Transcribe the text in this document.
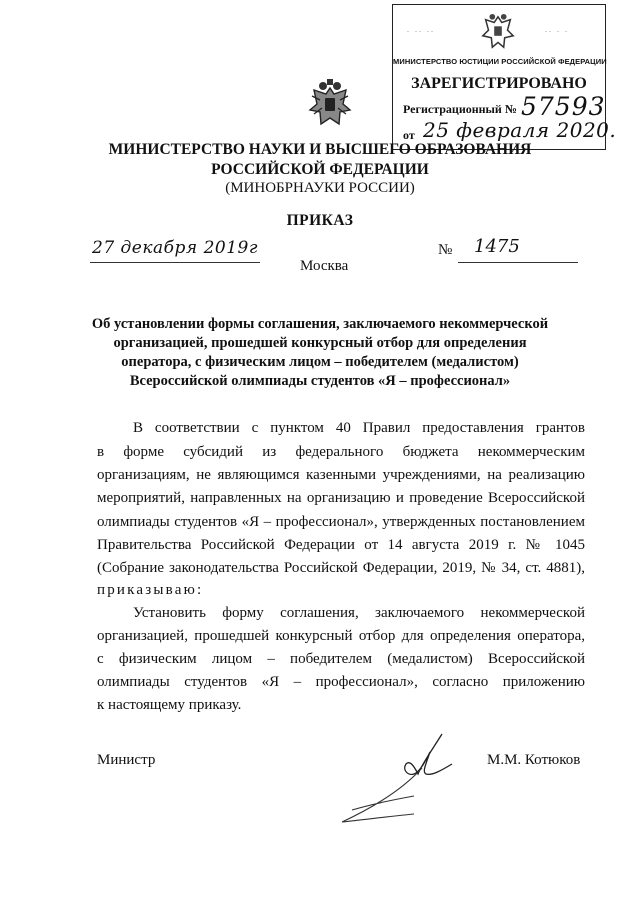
∙ ∙∙ ∙∙	∙∙ ∙ ∙
МИНИСТЕРСТВО ЮСТИЦИИ РОССИЙСКОЙ ФЕДЕРАЦИИ
ЗАРЕГИСТРИРОВАНО
Регистрационный № 57593
от 25 февраля 2020.
МИНИСТЕРСТВО НАУКИ И ВЫСШЕГО ОБРАЗОВАНИЯ
РОССИЙСКОЙ ФЕДЕРАЦИИ
(МИНОБРНАУКИ РОССИИ)
ПРИКАЗ
27 декабря 2019г	№ 1475
Москва
Об установлении формы соглашения, заключаемого некоммерческой
организацией, прошедшей конкурсный отбор для определения
оператора, с физическим лицом – победителем (медалистом)
Всероссийской олимпиады студентов «Я – профессионал»
В соответствии с пунктом 40 Правил предоставления грантов
в форме субсидий из федерального бюджета некоммерческим
организациям, не являющимся казенными учреждениями, на реализацию
мероприятий, направленных на организацию и проведение Всероссийской
олимпиады студентов «Я – профессионал», утвержденных постановлением
Правительства Российской Федерации от 14 августа 2019 г. № 1045
(Собрание законодательства Российской Федерации, 2019, № 34, ст. 4881),
приказываю:
Установить форму соглашения, заключаемого некоммерческой
организацией, прошедшей конкурсный отбор для определения оператора,
с физическим лицом – победителем (медалистом) Всероссийской
олимпиады студентов «Я – профессионал», согласно приложению
к настоящему приказу.
Министр	М.М. Котюков
